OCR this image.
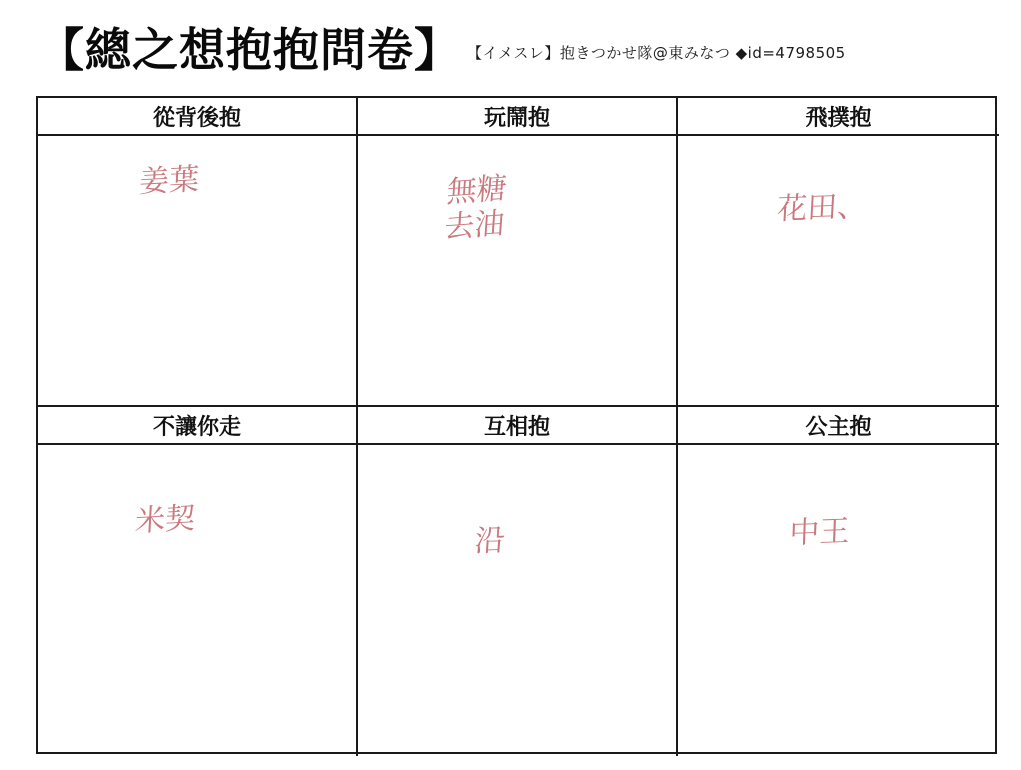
【總之想抱抱問卷】 【イメスレ】抱きつかせ隊@東みなつ ◆id=4798505
從背後抱
姜葉
玩鬧抱
無糖
去油
飛撲抱
花田、
不讓你走
米契
互相抱
沿
公主抱
中王
